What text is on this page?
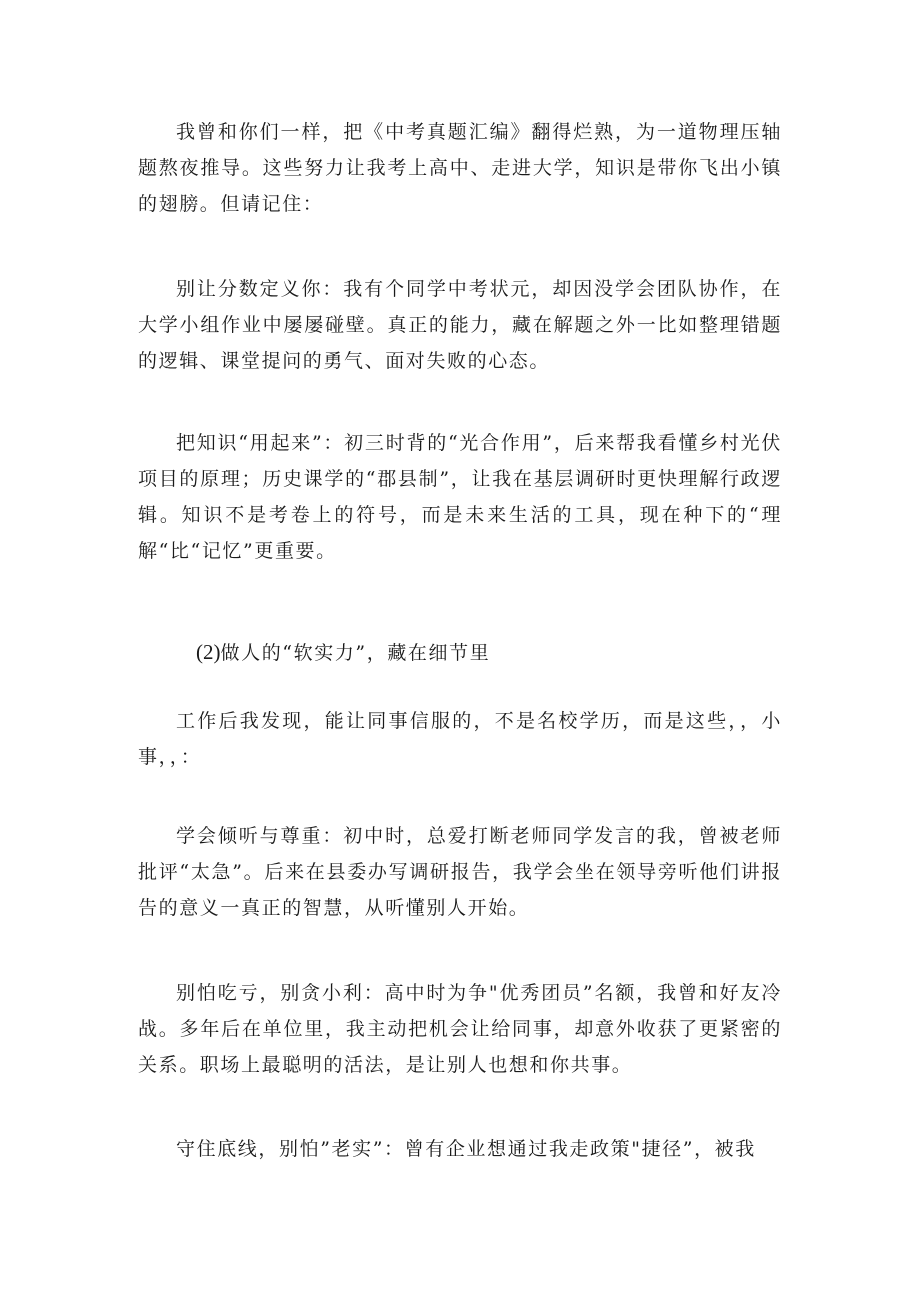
我曾和你们一样，把《中考真题汇编》翻得烂熟，为一道物理压轴题熬夜推导。这些努力让我考上高中、走进大学，知识是带你飞出小镇的翅膀。但请记住：

别让分数定义你：我有个同学中考状元，却因没学会团队协作，在大学小组作业中屡屡碰壁。真正的能力，藏在解题之外一比如整理错题的逻辑、课堂提问的勇气、面对失败的心态。

把知识“用起来”：初三时背的“光合作用”，后来帮我看懂乡村光伏项目的原理；历史课学的“郡县制”，让我在基层调研时更快理解行政逻辑。知识不是考卷上的符号，而是未来生活的工具，现在种下的“理解“比“记忆”更重要。

(2)做人的“软实力”，藏在细节里

工作后我发现，能让同事信服的，不是名校学历，而是这些，，小事，，：

学会倾听与尊重：初中时，总爱打断老师同学发言的我，曾被老师批评“太急”。后来在县委办写调研报告，我学会坐在领导旁听他们讲报告的意义一真正的智慧，从听懂别人开始。

别怕吃亏，别贪小利：高中时为争"优秀团员”名额，我曾和好友冷战。多年后在单位里，我主动把机会让给同事，却意外收获了更紧密的关系。职场上最聪明的活法，是让别人也想和你共事。

守住底线，别怕”老实”：曾有企业想通过我走政策"捷径”，被我
